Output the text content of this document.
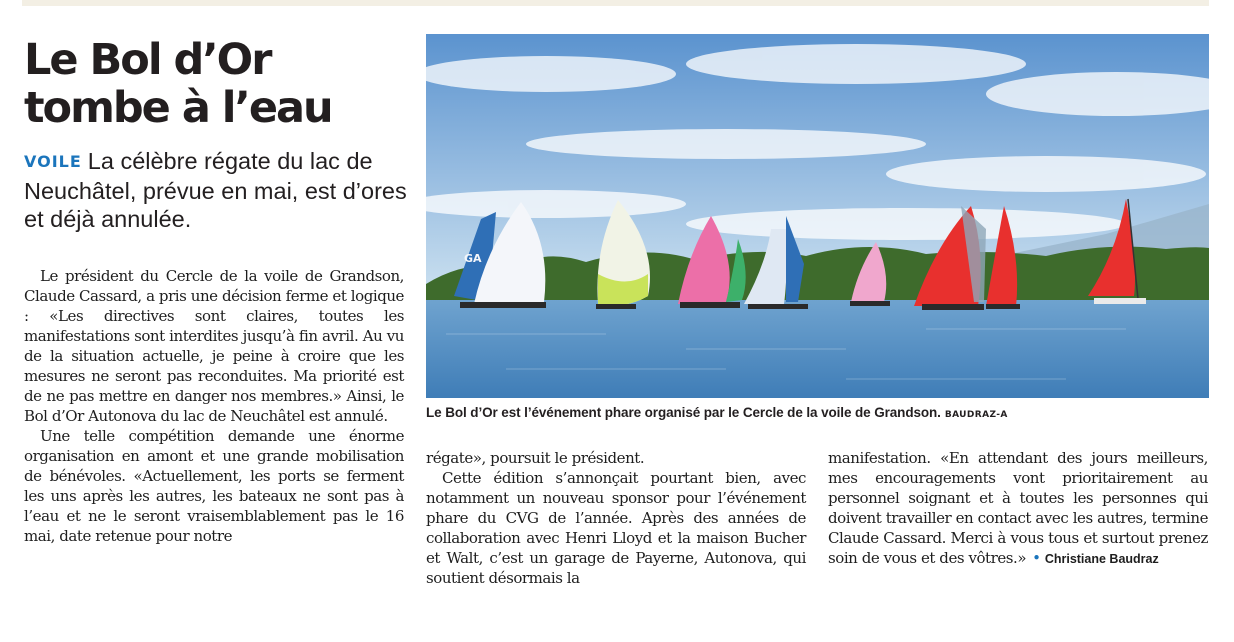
Le Bol d’Or tombe à l’eau
VOILE La célèbre régate du lac de Neuchâtel, prévue en mai, est d’ores et déjà annulée.

Le président du Cercle de la voile de Grandson, Claude Cassard, a pris une décision ferme et logique : «Les directives sont claires, toutes les manifestations sont interdites jusqu’à fin avril. Au vu de la situation actuelle, je peine à croire que les mesures ne seront pas reconduites. Ma priorité est de ne pas mettre en danger nos membres.» Ainsi, le Bol d’Or Autonova du lac de Neuchâtel est annulé.

Une telle compétition demande une énorme organisation en amont et une grande mobilisation de bénévoles. «Actuellement, les ports se ferment les uns après les autres, les bateaux ne sont pas à l’eau et ne le seront vraisemblablement pas le 16 mai, date retenue pour notre

GA
Le Bol d’Or est l’événement phare organisé par le Cercle de la voile de Grandson. BAUDRAZ-A

régate», poursuit le président.

Cette édition s’annonçait pourtant bien, avec notamment un nouveau sponsor pour l’événement phare du CVG de l’année. Après des années de collaboration avec Henri Lloyd et la maison Bucher et Walt, c’est un garage de Payerne, Autonova, qui soutient désormais la

manifestation. «En attendant des jours meilleurs, mes encouragements vont prioritairement au personnel soignant et à toutes les personnes qui doivent travailler en contact avec les autres, termine Claude Cassard. Merci à vous tous et surtout prenez soin de vous et des vôtres.» • Christiane Baudraz
